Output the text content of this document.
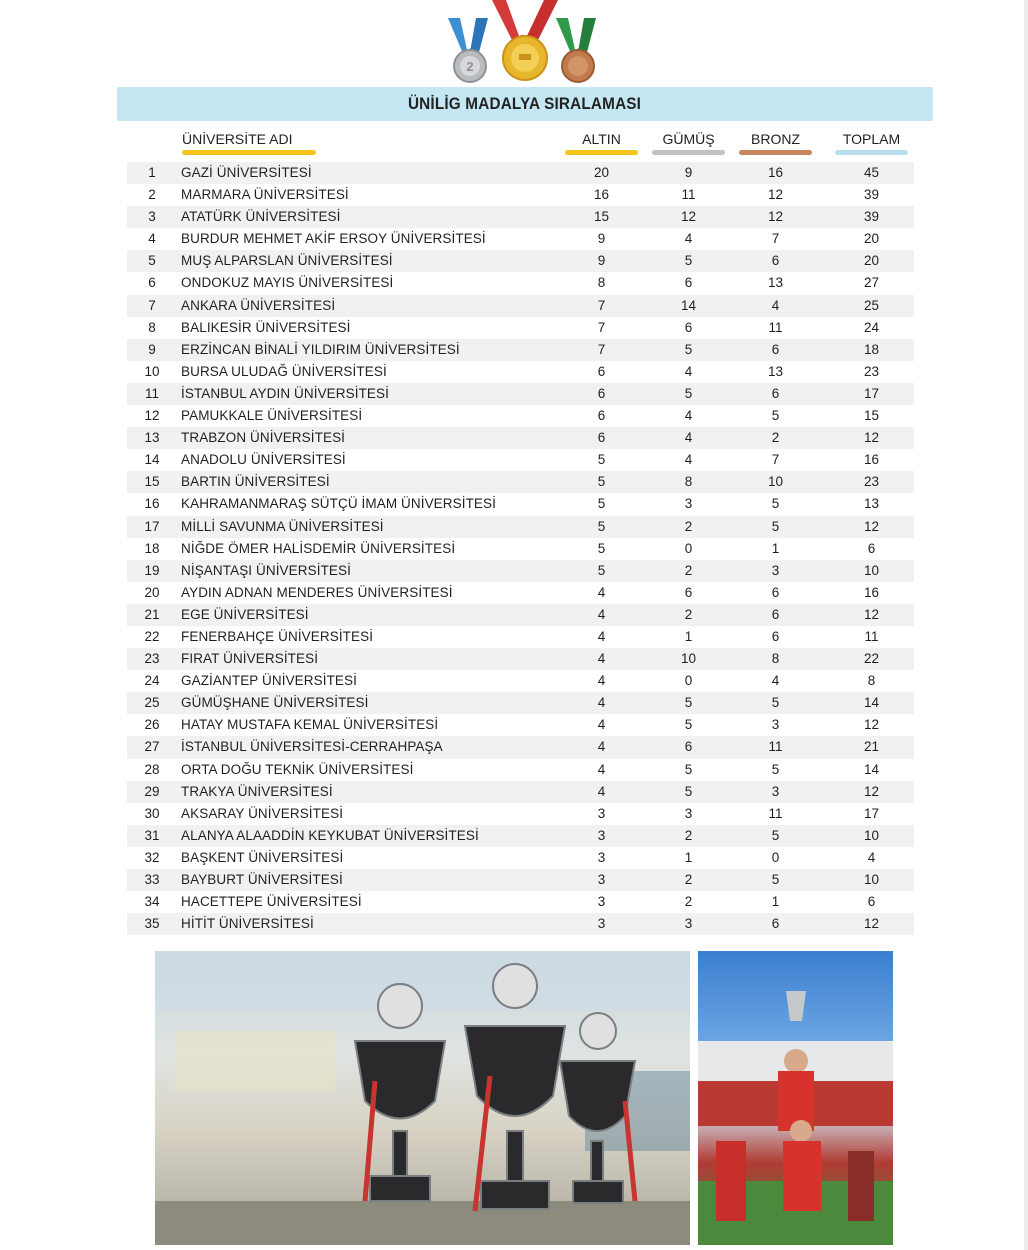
2
ÜNİLİG MADALYA SIRALAMASI
ÜNİVERSİTE ADI	ALTIN	GÜMÜŞ	BRONZ	TOPLAM
1	GAZİ ÜNİVERSİTESİ	20	9	16	45
2	MARMARA ÜNİVERSİTESİ	16	11	12	39
3	ATATÜRK ÜNİVERSİTESİ	15	12	12	39
4	BURDUR MEHMET AKİF ERSOY ÜNİVERSİTESİ	9	4	7	20
5	MUŞ ALPARSLAN ÜNİVERSİTESİ	9	5	6	20
6	ONDOKUZ MAYIS ÜNİVERSİTESİ	8	6	13	27
7	ANKARA ÜNİVERSİTESİ	7	14	4	25
8	BALIKESİR ÜNİVERSİTESİ	7	6	11	24
9	ERZİNCAN BİNALİ YILDIRIM ÜNİVERSİTESİ	7	5	6	18
10	BURSA ULUDAĞ ÜNİVERSİTESİ	6	4	13	23
11	İSTANBUL AYDIN ÜNİVERSİTESİ	6	5	6	17
12	PAMUKKALE ÜNİVERSİTESİ	6	4	5	15
13	TRABZON ÜNİVERSİTESİ	6	4	2	12
14	ANADOLU ÜNİVERSİTESİ	5	4	7	16
15	BARTIN ÜNİVERSİTESİ	5	8	10	23
16	KAHRAMANMARAŞ SÜTÇÜ İMAM ÜNİVERSİTESİ	5	3	5	13
17	MİLLİ SAVUNMA ÜNİVERSİTESİ	5	2	5	12
18	NİĞDE ÖMER HALİSDEMİR ÜNİVERSİTESİ	5	0	1	6
19	NİŞANTAŞI ÜNİVERSİTESİ	5	2	3	10
20	AYDIN ADNAN MENDERES ÜNİVERSİTESİ	4	6	6	16
21	EGE ÜNİVERSİTESİ	4	2	6	12
22	FENERBAHÇE ÜNİVERSİTESİ	4	1	6	11
23	FIRAT ÜNİVERSİTESİ	4	10	8	22
24	GAZİANTEP ÜNİVERSİTESİ	4	0	4	8
25	GÜMÜŞHANE ÜNİVERSİTESİ	4	5	5	14
26	HATAY MUSTAFA KEMAL ÜNİVERSİTESİ	4	5	3	12
27	İSTANBUL ÜNİVERSİTESİ-CERRAHPAŞA	4	6	11	21
28	ORTA DOĞU TEKNİK ÜNİVERSİTESİ	4	5	5	14
29	TRAKYA ÜNİVERSİTESİ	4	5	3	12
30	AKSARAY ÜNİVERSİTESİ	3	3	11	17
31	ALANYA ALAADDİN KEYKUBAT ÜNİVERSİTESİ	3	2	5	10
32	BAŞKENT ÜNİVERSİTESİ	3	1	0	4
33	BAYBURT ÜNİVERSİTESİ	3	2	5	10
34	HACETTEPE ÜNİVERSİTESİ	3	2	1	6
35	HİTİT ÜNİVERSİTESİ	3	3	6	12
